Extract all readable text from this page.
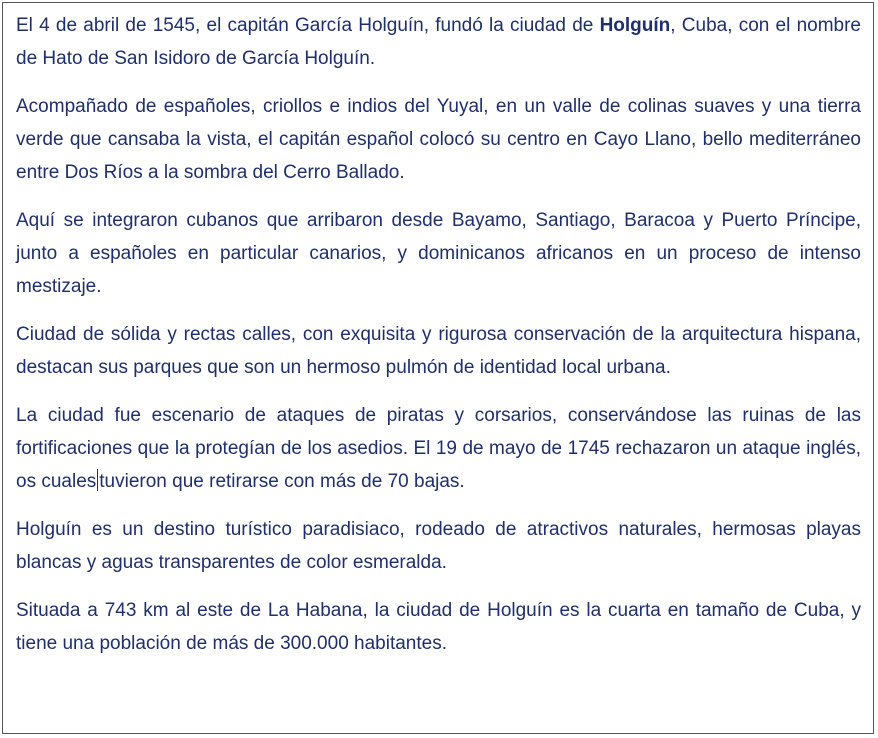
El 4 de abril de 1545, el capitán García Holguín, fundó la ciudad de Holguín, Cuba, con el nombre de Hato de San Isidoro de García Holguín.

Acompañado de españoles, criollos e indios del Yuyal, en un valle de colinas suaves y una tierra verde que cansaba la vista, el capitán español colocó su centro en Cayo Llano, bello mediterráneo entre Dos Ríos a la sombra del Cerro Ballado.

Aquí se integraron cubanos que arribaron desde Bayamo, Santiago, Baracoa y Puerto Príncipe, junto a españoles en particular canarios, y dominicanos africanos en un proceso de intenso mestizaje.

Ciudad de sólida y rectas calles, con exquisita y rigurosa conservación de la arquitectura hispana, destacan sus parques que son un hermoso pulmón de identidad local urbana.

La ciudad fue escenario de ataques de piratas y corsarios, conservándose las ruinas de las fortificaciones que la protegían de los asedios. El 19 de mayo de 1745 rechazaron un ataque inglés, os cuales tuvieron que retirarse con más de 70 bajas.

Holguín es un destino turístico paradisiaco, rodeado de atractivos naturales, hermosas playas blancas y aguas transparentes de color esmeralda.

Situada a 743 km al este de La Habana, la ciudad de Holguín es la cuarta en tamaño de Cuba, y tiene una población de más de 300.000 habitantes.
